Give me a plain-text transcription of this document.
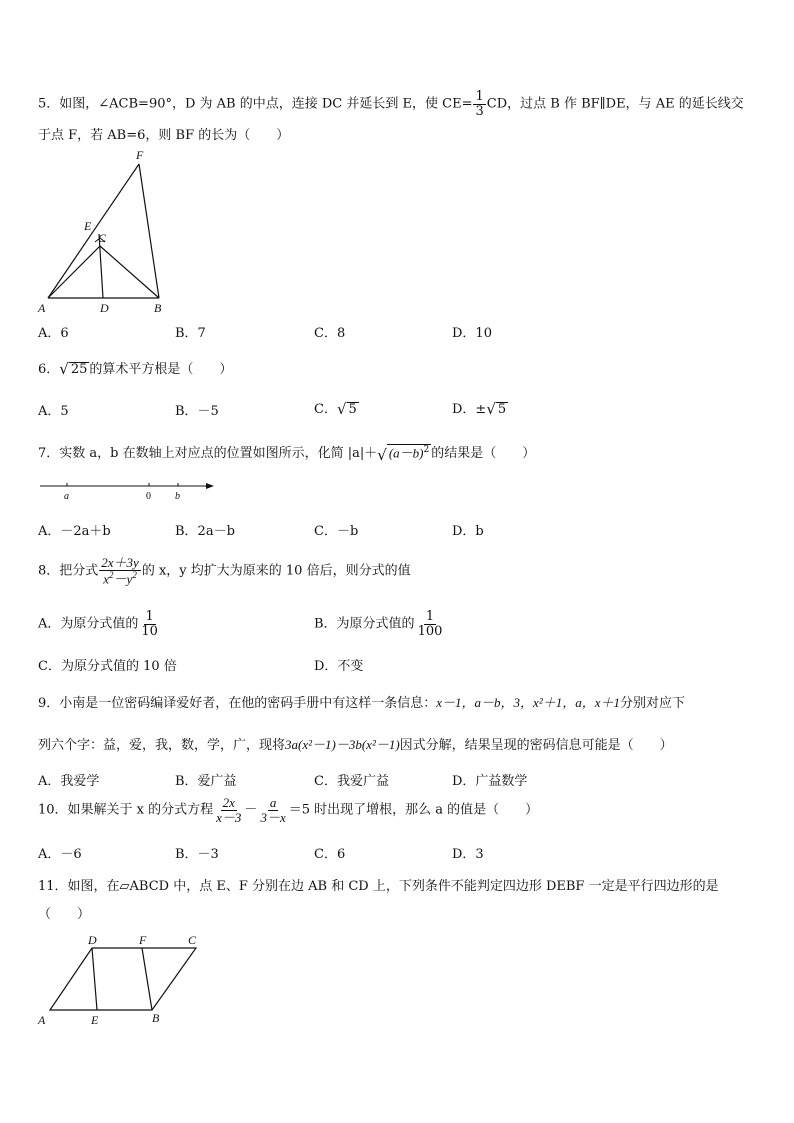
5．如图，∠ACB=90°，D 为 AB 的中点，连接 DC 并延长到 E，使 $CE= \frac{1}{3}$ CD，过点 B 作 BF∥DE，与 AE 的延长线交
于点 F，若 AB=6，则 BF 的长为（　　）
F
E
C
A	D	B
A．6	B．7	C．8	D．10
6． √ 25 的算术平方根是（　　）
A．5	B．－5	C． √ 5	D．± √ 5
7．实数 a，b 在数轴上对应点的位置如图所示，化简 |a|＋ √ $(a-b)^2$ 的结果是（　　）
a	0 b
A．－2a＋b	B．2a－b	C．－b	D．b
8．把分式 $\frac{2x+3y}{x^2-y^2}$ 的 x，y 均扩大为原来的 10 倍后，则分式的值
A．为原分式值的 $\frac{1}{10}$	B．为原分式值的 $\frac{1}{100}$
C．为原分式值的 10 倍	D．不变
9．小南是一位密码编译爱好者，在他的密码手册中有这样一条信息：x－1，a－b，3，x²＋1，a，x＋1分别对应下
列六个字：益，爱，我，数，学，广，现将3a(x²－1)－3b(x²－1)因式分解，结果呈现的密码信息可能是（　　）
A．我爱学	B．爱广益	C．我爱广益	D．广益数学
10．如果解关于 x 的分式方程 $\frac{2x}{x-3} - \frac{a}{3-x} =5$ 时出现了增根，那么 a 的值是（　　）
A．－6	B．－3	C．6	D．3
11．如图，在▱ABCD 中，点 E、F 分别在边 AB 和 CD 上，下列条件不能判定四边形 DEBF 一定是平行四边形的是
（　　）
D	F	C
A	E	B
